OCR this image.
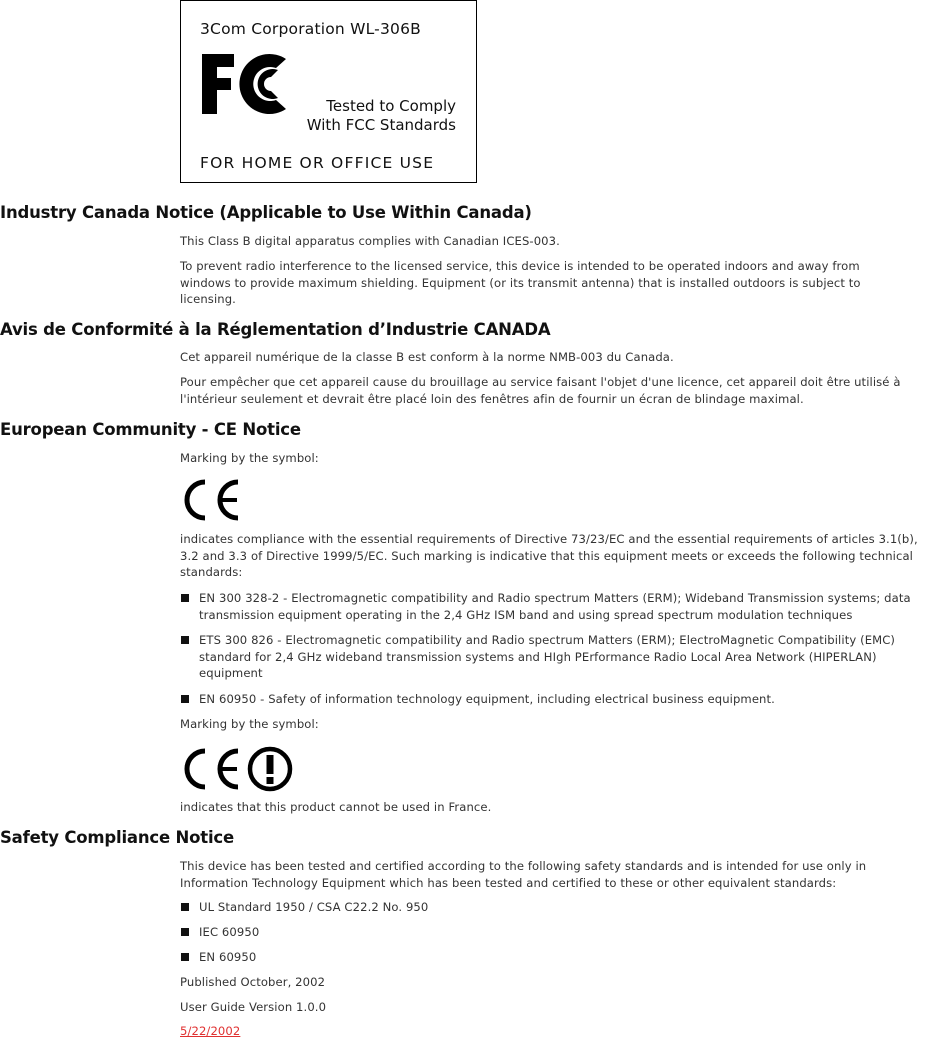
3Com Corporation WL-306B
Tested to Comply
With FCC Standards
FOR HOME OR OFFICE USE
Industry Canada Notice (Applicable to Use Within Canada)

This Class B digital apparatus complies with Canadian ICES-003.

To prevent radio interference to the licensed service, this device is intended to be operated indoors and away from windows to provide maximum shielding. Equipment (or its transmit antenna) that is installed outdoors is subject to licensing.

Avis de Conformité à la Réglementation d’Industrie CANADA

Cet appareil numérique de la classe B est conform à la norme NMB-003 du Canada.

Pour empêcher que cet appareil cause du brouillage au service faisant l'objet d'une licence, cet appareil doit être utilisé à l'intérieur seulement et devrait être placé loin des fenêtres afin de fournir un écran de blindage maximal.

European Community - CE Notice

Marking by the symbol:

indicates compliance with the essential requirements of Directive 73/23/EC and the essential requirements of articles 3.1(b), 3.2 and 3.3 of Directive 1999/5/EC. Such marking is indicative that this equipment meets or exceeds the following technical standards:

EN 300 328-2 - Electromagnetic compatibility and Radio spectrum Matters (ERM); Wideband Transmission systems; data transmission equipment operating in the 2,4 GHz ISM band and using spread spectrum modulation techniques
ETS 300 826 - Electromagnetic compatibility and Radio spectrum Matters (ERM); ElectroMagnetic Compatibility (EMC) standard for 2,4 GHz wideband transmission systems and HIgh PErformance Radio Local Area Network (HIPERLAN) equipment
EN 60950 - Safety of information technology equipment, including electrical business equipment.

Marking by the symbol:

indicates that this product cannot be used in France.

Safety Compliance Notice

This device has been tested and certified according to the following safety standards and is intended for use only in Information Technology Equipment which has been tested and certified to these or other equivalent standards:

UL Standard 1950 / CSA C22.2 No. 950
IEC 60950
EN 60950

Published October, 2002

User Guide Version 1.0.0

5/22/2002
